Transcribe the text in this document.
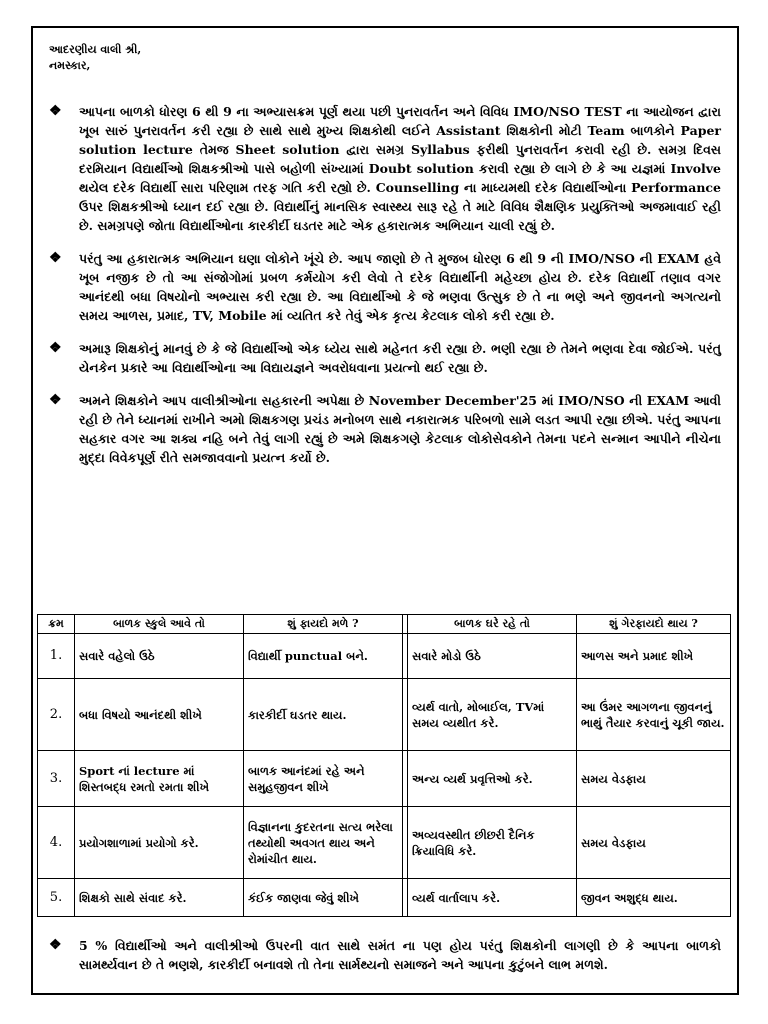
આદરણીય વાલી શ્રી,
નમસ્કાર,
❖	આપના બાળકો ધોરણ 6 થી 9 ના અભ્યાસક્રમ પૂર્ણ થયા પછી પુનરાવર્તન અને વિવિધ IMO/NSO TEST ના આયોજન દ્વારા ખૂબ સારું પુનરાવર્તન કરી રહ્યા છે સાથે સાથે મુખ્ય શિક્ષકોથી લઈને Assistant શિક્ષકોની મોટી Team બાળકોને Paper solution lecture તેમજ Sheet solution દ્વારા સમગ્ર Syllabus ફરીથી પુનરાવર્તન કરાવી રહી છે. સમગ્ર દિવસ દરમિયાન વિદ્યાર્થીઓ શિક્ષકશ્રીઓ પાસે બહોળી સંખ્યામાં Doubt solution કરાવી રહ્યા છે લાગે છે કે આ યજ્ઞમાં Involve થયેલ દરેક વિદ્યાર્થી સારા પરિણામ તરફ ગતિ કરી રહ્યો છે. Counselling ના માધ્યમથી દરેક વિદ્યાર્થીઓના Performance ઉપર શિક્ષકશ્રીઓ ધ્યાન દઈ રહ્યા છે. વિદ્યાર્થીનું માનસિક સ્વાસ્થ્ય સારૂ રહે તે માટે વિવિધ શૈક્ષણિક પ્રયુક્તિઓ અજમાવાઈ રહી છે. સમગ્રપણે જોતા વિદ્યાર્થીઓના કારકીર્દી ઘડતર માટે એક હકારાત્મક અભિયાન ચાલી રહ્યું છે.

❖	પરંતુ આ હકારાત્મક અભિયાન ઘણા લોકોને ખૂંચે છે. આપ જાણો છે તે મુજબ ધોરણ 6 થી 9 ની IMO/NSO ની EXAM હવે ખૂબ નજીક છે તો આ સંજોગોમાં પ્રબળ કર્મયોગ કરી લેવો તે દરેક વિદ્યાર્થીની મહેચ્છા હોય છે. દરેક વિદ્યાર્થી તણાવ વગર આનંદથી બધા વિષયોનો અભ્યાસ કરી રહ્યા છે. આ વિદ્યાર્થીઓ કે જે ભણવા ઉત્સુક છે તે ના ભણે અને જીવનનો અગત્યનો સમય આળસ, પ્રમાદ, TV, Mobile માં વ્યતિત કરે તેવું એક કૃત્ય કેટલાક લોકો કરી રહ્યા છે.

❖	અમારૂ શિક્ષકોનું માનવું છે કે જે વિદ્યાર્થીઓ એક ધ્યેય સાથે મહેનત કરી રહ્યા છે. ભણી રહ્યા છે તેમને ભણવા દેવા જોઈએ. પરંતુ યેનકેન પ્રકારે આ વિદ્યાર્થીઓના આ વિદ્યાયજ્ઞને અવરોધવાના પ્રયત્નો થઈ રહ્યા છે.

❖	અમને શિક્ષકોને આપ વાલીશ્રીઓના સહકારની અપેક્ષા છે November December'25 માં IMO/NSO ની EXAM આવી રહી છે તેને ધ્યાનમાં રાખીને અમો શિક્ષકગણ પ્રચંડ મનોબળ સાથે નકારાત્મક પરિબળો સામે લડત આપી રહ્યા છીએ. પરંતુ આપના સહકાર વગર આ શક્ય નહિ બને તેવું લાગી રહ્યું છે અમે શિક્ષકગણે કેટલાક લોકોસેવકોને તેમના પદને સન્માન આપીને નીચેના મુદ્દા વિવેકપૂર્ણ રીતે સમજાવવાનો પ્રયત્ન કર્યો છે.

ક્રમ	બાળક સ્કુલે આવે તો	શું ફાયદો મળે ?		બાળક ઘરે રહે તો	શું ગેરફાયદો થાય ?
1.	સવારે વહેલો ઉઠે	વિદ્યાર્થી punctual બને.		સવારે મોડો ઉઠે	આળસ અને પ્રમાદ શીખે
2.	બધા વિષયો આનંદથી શીખે	કારકીર્દી ઘડતર થાય.		વ્યર્થ વાતો, મોબાઈલ, TVમાં સમય વ્યથીત કરે.	આ ઉંમર આગળના જીવનનું ભાથું તૈયાર કરવાનું ચૂકી જાય.
3.	Sport નાં lecture માં શિસ્તબદ્ધ રમતો રમતા શીખે	બાળક આનંદમાં રહે અને સમુહજીવન શીખે		અન્ય વ્યર્થ પ્રવૃત્તિઓ કરે.	સમય વેડફાય
4.	પ્રયોગશાળામાં પ્રયોગો કરે.	વિજ્ઞાનના કુદરતના સત્ય ભરેલા તથ્યોથી અવગત થાય અને રોમાંચીત થાય.		અવ્યવસ્થીત છીછરી દૈનિક ક્રિયાવિધિ કરે.	સમય વેડફાય
5.	શિક્ષકો સાથે સંવાદ કરે.	કંઈક જાણવા જેવું શીખે		વ્યર્થ વાર્તાલાપ કરે.	જીવન અશુદ્ધ થાય.
❖	5 % વિદ્યાર્થીઓ અને વાલીશ્રીઓ ઉપરની વાત સાથે સમંત ના પણ હોય પરંતુ શિક્ષકોની લાગણી છે કે આપના બાળકો સામર્થ્યવાન છે તે ભણશે, કારકીર્દી બનાવશે તો તેના સાર્મથ્યનો સમાજને અને આપના કુટુંબને લાભ મળશે.
